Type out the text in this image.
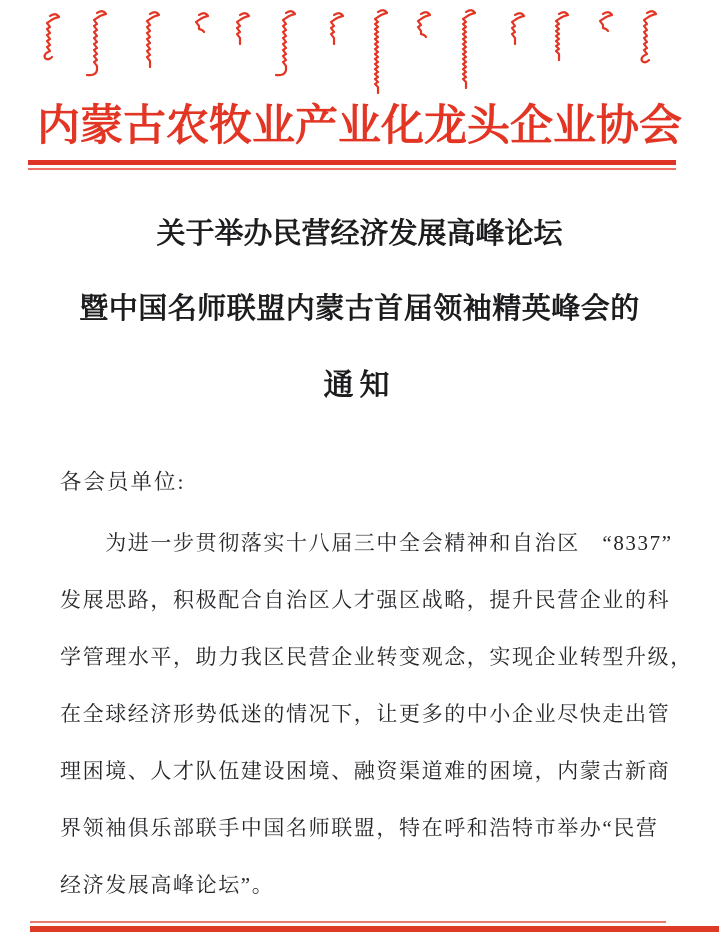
内蒙古农牧业产业化龙头企业协会
关于举办民营经济发展高峰论坛
暨中国名师联盟内蒙古首届领袖精英峰会的
通知
各会员单位:
　　为进一步贯彻落实十八届三中全会精神和自治区　“8337”
发展思路，积极配合自治区人才强区战略，提升民营企业的科
学管理水平，助力我区民营企业转变观念，实现企业转型升级，
在全球经济形势低迷的情况下，让更多的中小企业尽快走出管
理困境、人才队伍建设困境、融资渠道难的困境，内蒙古新商
界领袖俱乐部联手中国名师联盟，特在呼和浩特市举办“民营
经济发展高峰论坛”。
